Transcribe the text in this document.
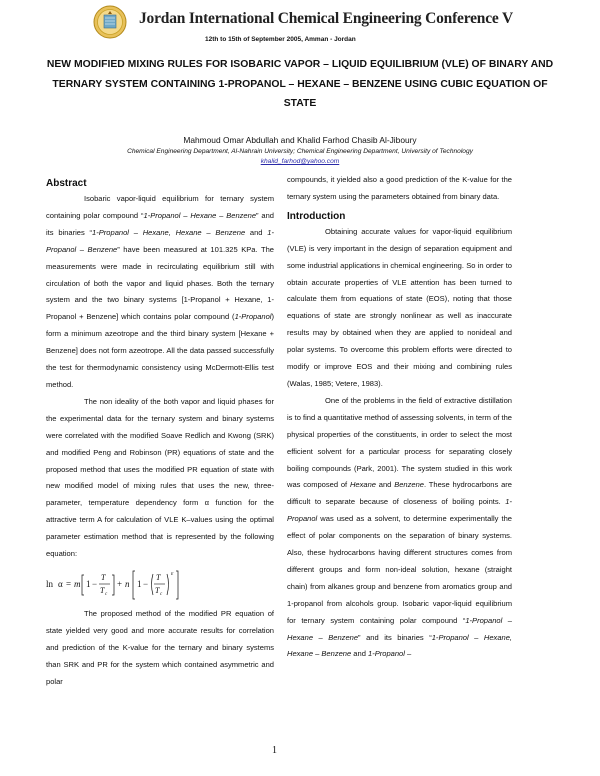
Jordan International Chemical Engineering Conference V
12th to 15th of September 2005, Amman - Jordan
NEW MODIFIED MIXING RULES FOR ISOBARIC VAPOR – LIQUID EQUILIBRIUM (VLE) OF BINARY AND TERNARY SYSTEM CONTAINING 1-PROPANOL – HEXANE – BENZENE USING CUBIC EQUATION OF STATE
Mahmoud Omar Abdullah and Khalid Farhod Chasib Al-Jiboury
Chemical Engineering Department, Al-Nahrain University; Chemical Engineering Department, University of Technology
khalid_farhod@yahoo.com
Abstract

Isobaric vapor-liquid equilibrium for ternary system containing polar compound “1-Propanol – Hexane – Benzene” and its binaries “1-Propanol – Hexane, Hexane – Benzene and 1-Propanol – Benzene” have been measured at 101.325 KPa. The measurements were made in recirculating equilibrium still with circulation of both the vapor and liquid phases. Both the ternary system and the two binary systems [1-Propanol + Hexane, 1-Propanol + Benzene] which contains polar compound (1-Propanol) form a minimum azeotrope and the third binary system [Hexane + Benzene] does not form azeotrope. All the data passed successfully the test for thermodynamic consistency using McDermott-Ellis test method.

The non ideality of the both vapor and liquid phases for the experimental data for the ternary system and binary systems were correlated with the modified Soave Redlich and Kwong (SRK) and modified Peng and Robinson (PR) equations of state and the proposed method that uses the modified PR equation of state with new modified model of mixing rules that uses the new, three-parameter, temperature dependency form α function for the attractive term A for calculation of VLE K–values using the optimal parameter estimation method that is represented by the following equation:

ln α = m 1 −
T
T c
+ n 1 −
T
T c
ε

The proposed method of the modified PR equation of state yielded very good and more accurate results for correlation and prediction of the K-value for the ternary and binary systems than SRK and PR for the system which contained asymmetric and polar

compounds, it yielded also a good prediction of the K-value for the ternary system using the parameters obtained from binary data.

Introduction

Obtaining accurate values for vapor-liquid equilibrium (VLE) is very important in the design of separation equipment and some industrial applications in chemical engineering. So in order to obtain accurate properties of VLE attention has been turned to calculate them from equations of state (EOS), noting that those equations of state are strongly nonlinear as well as inaccurate results may by obtained when they are applied to nonideal and polar systems. To overcome this problem efforts were directed to modify or improve EOS and their mixing and combining rules (Walas, 1985; Vetere, 1983).

One of the problems in the field of extractive distillation is to find a quantitative method of assessing solvents, in term of the physical properties of the constituents, in order to select the most efficient solvent for a particular process for separating closely boiling compounds (Park, 2001). The system studied in this work was composed of Hexane and Benzene. These hydrocarbons are difficult to separate because of closeness of boiling points. 1-Propanol was used as a solvent, to determine experimentally the effect of polar components on the separation of binary systems. Also, these hydrocarbons having different structures comes from different groups and form non-ideal solution, hexane (straight chain) from alkanes group and benzene from aromatics group and 1-propanol from alcohols group. Isobaric vapor-liquid equilibrium for ternary system containing polar compound “1-Propanol – Hexane – Benzene” and its binaries “1-Propanol – Hexane, Hexane – Benzene and 1-Propanol –

1
